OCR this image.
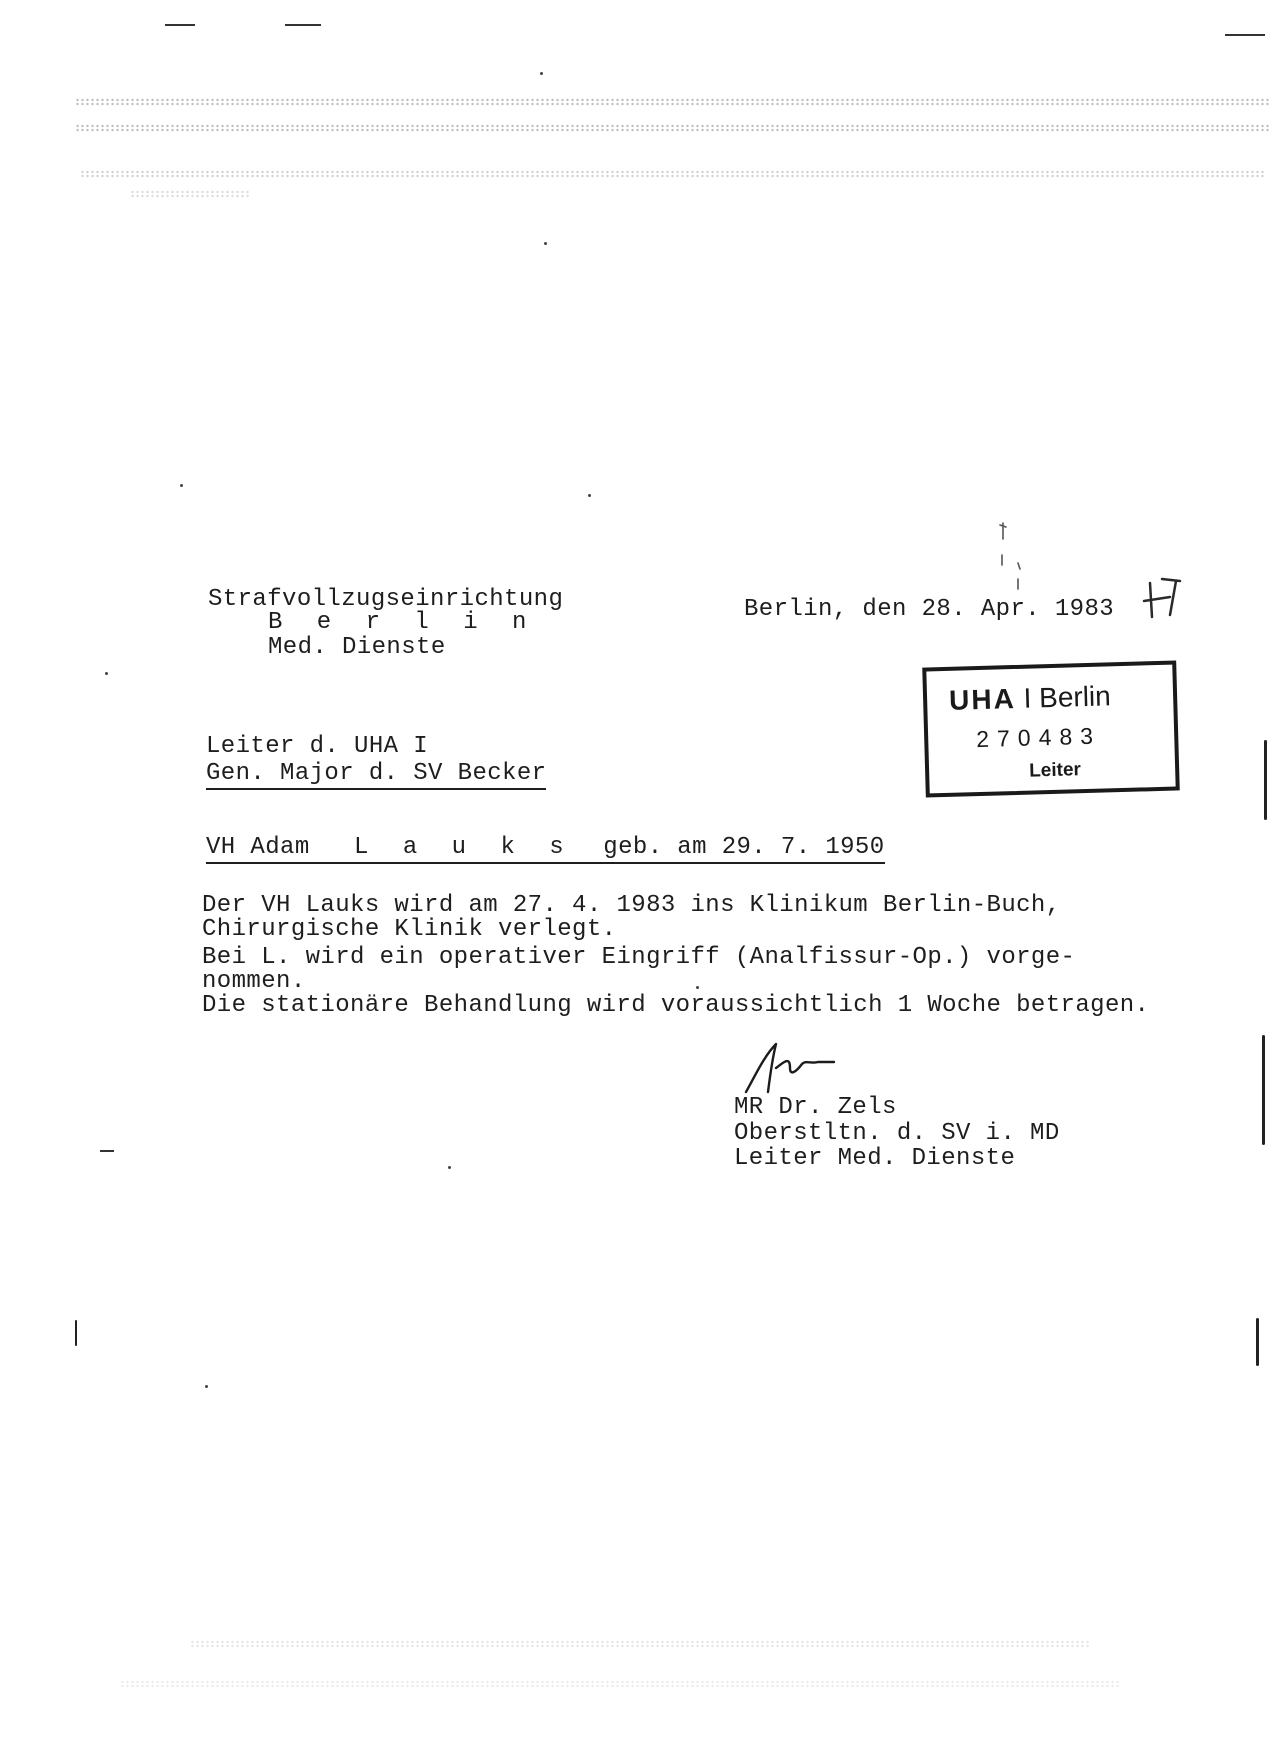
Strafvollzugseinrichtung
B e r l i n
Med. Dienste
Berlin, den 28. Apr. 1983
UHA I Berlin
270483
Leiter
Leiter d. UHA I
Gen. Major d. SV Becker
VH Adam L a u k s geb. am 29. 7. 1950
Der VH Lauks wird am 27. 4. 1983 ins Klinikum Berlin-Buch,
Chirurgische Klinik verlegt.
Bei L. wird ein operativer Eingriff (Analfissur-Op.) vorge-
nommen.
Die stationäre Behandlung wird voraussichtlich 1 Woche betragen.
MR Dr. Zels
Oberstltn. d. SV i. MD
Leiter Med. Dienste
